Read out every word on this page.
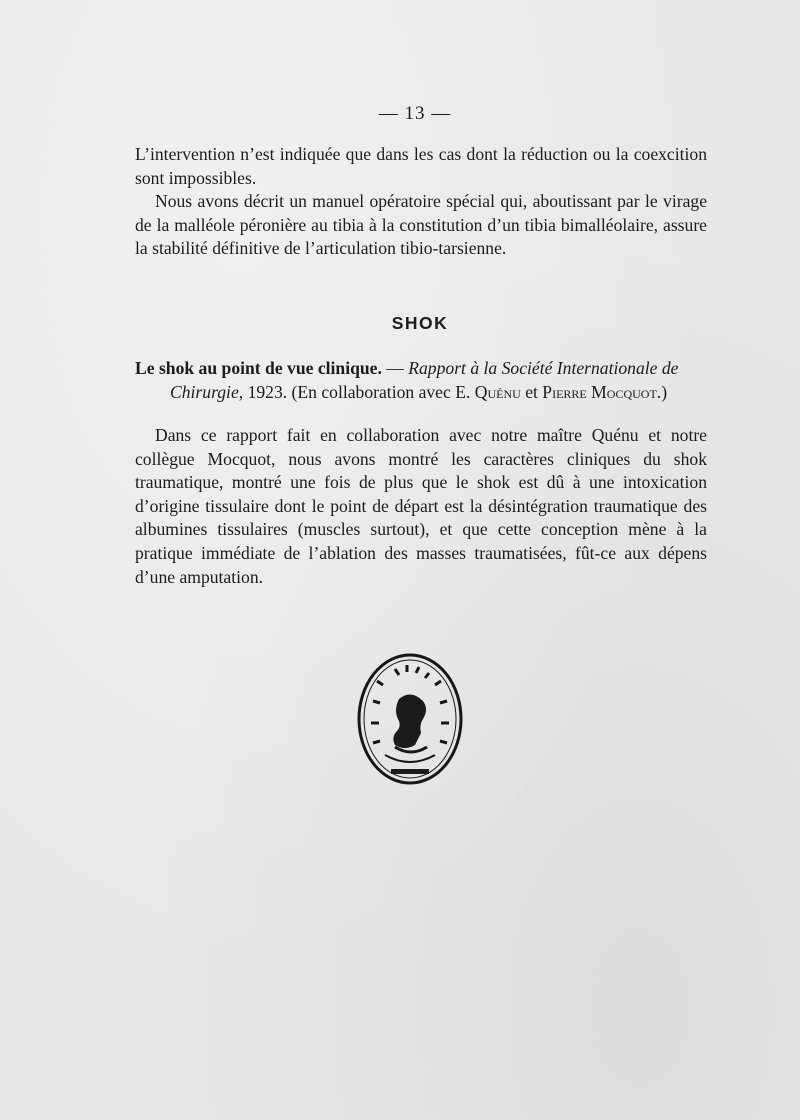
— 13 —

L’intervention n’est indiquée que dans les cas dont la réduction ou la coexcition sont impossibles.

Nous avons décrit un manuel opératoire spécial qui, aboutissant par le virage de la malléole péronière au tibia à la constitution d’un tibia bimalléolaire, assure la stabilité définitive de l’articulation tibio-tarsienne.

SHOK
Le shok au point de vue clinique. — Rapport à la Société Internationale de
Chirurgie, 1923. (En collaboration avec E. Quénu et Pierre Mocquot.)

Dans ce rapport fait en collaboration avec notre maître Quénu et notre collègue Mocquot, nous avons montré les caractères cliniques du shok traumatique, montré une fois de plus que le shok est dû à une intoxication d’origine tissulaire dont le point de départ est la désintégration traumatique des albumines tissulaires (muscles surtout), et que cette conception mène à la pratique immédiate de l’ablation des masses traumatisées, fût-ce aux dépens d’une amputation.
